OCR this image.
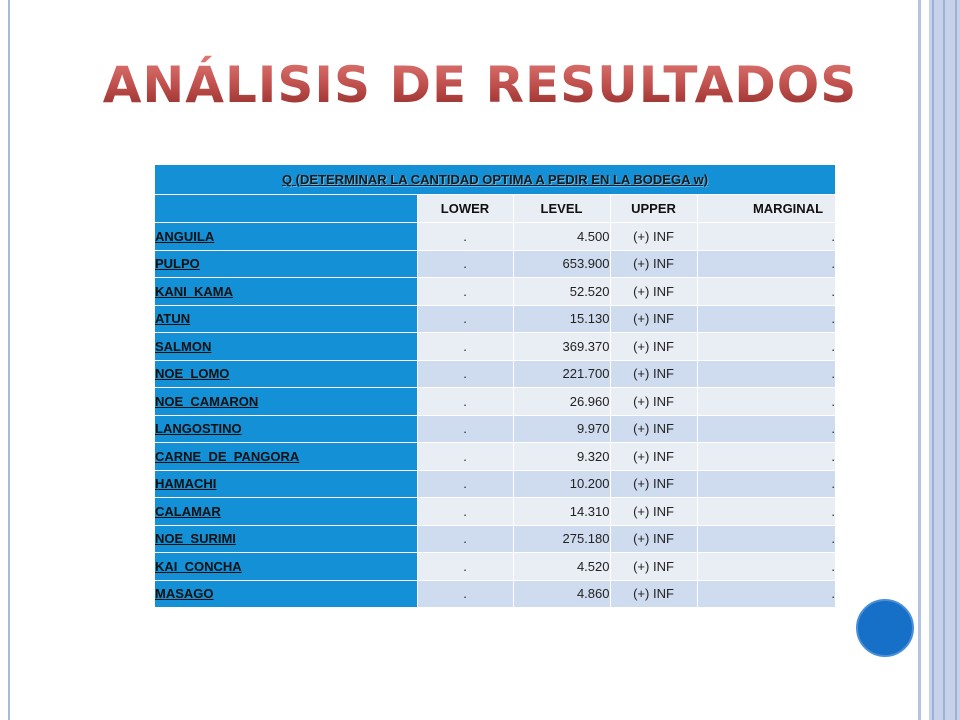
ANÁLISIS DE RESULTADOS
Q (DETERMINAR LA CANTIDAD OPTIMA A PEDIR EN LA BODEGA w)				
	LOWER	LEVEL	UPPER	MARGINAL
ANGUILA	.	4.500	(+) INF	.
PULPO	.	653.900	(+) INF	.
KANI_KAMA	.	52.520	(+) INF	.
ATUN	.	15.130	(+) INF	.
SALMON	.	369.370	(+) INF	.
NOE_LOMO	.	221.700	(+) INF	.
NOE_CAMARON	.	26.960	(+) INF	.
LANGOSTINO	.	9.970	(+) INF	.
CARNE_DE_PANGORA	.	9.320	(+) INF	.
HAMACHI	.	10.200	(+) INF	.
CALAMAR	.	14.310	(+) INF	.
NOE_SURIMI	.	275.180	(+) INF	.
KAI_CONCHA	.	4.520	(+) INF	.
MASAGO	.	4.860	(+) INF	.
